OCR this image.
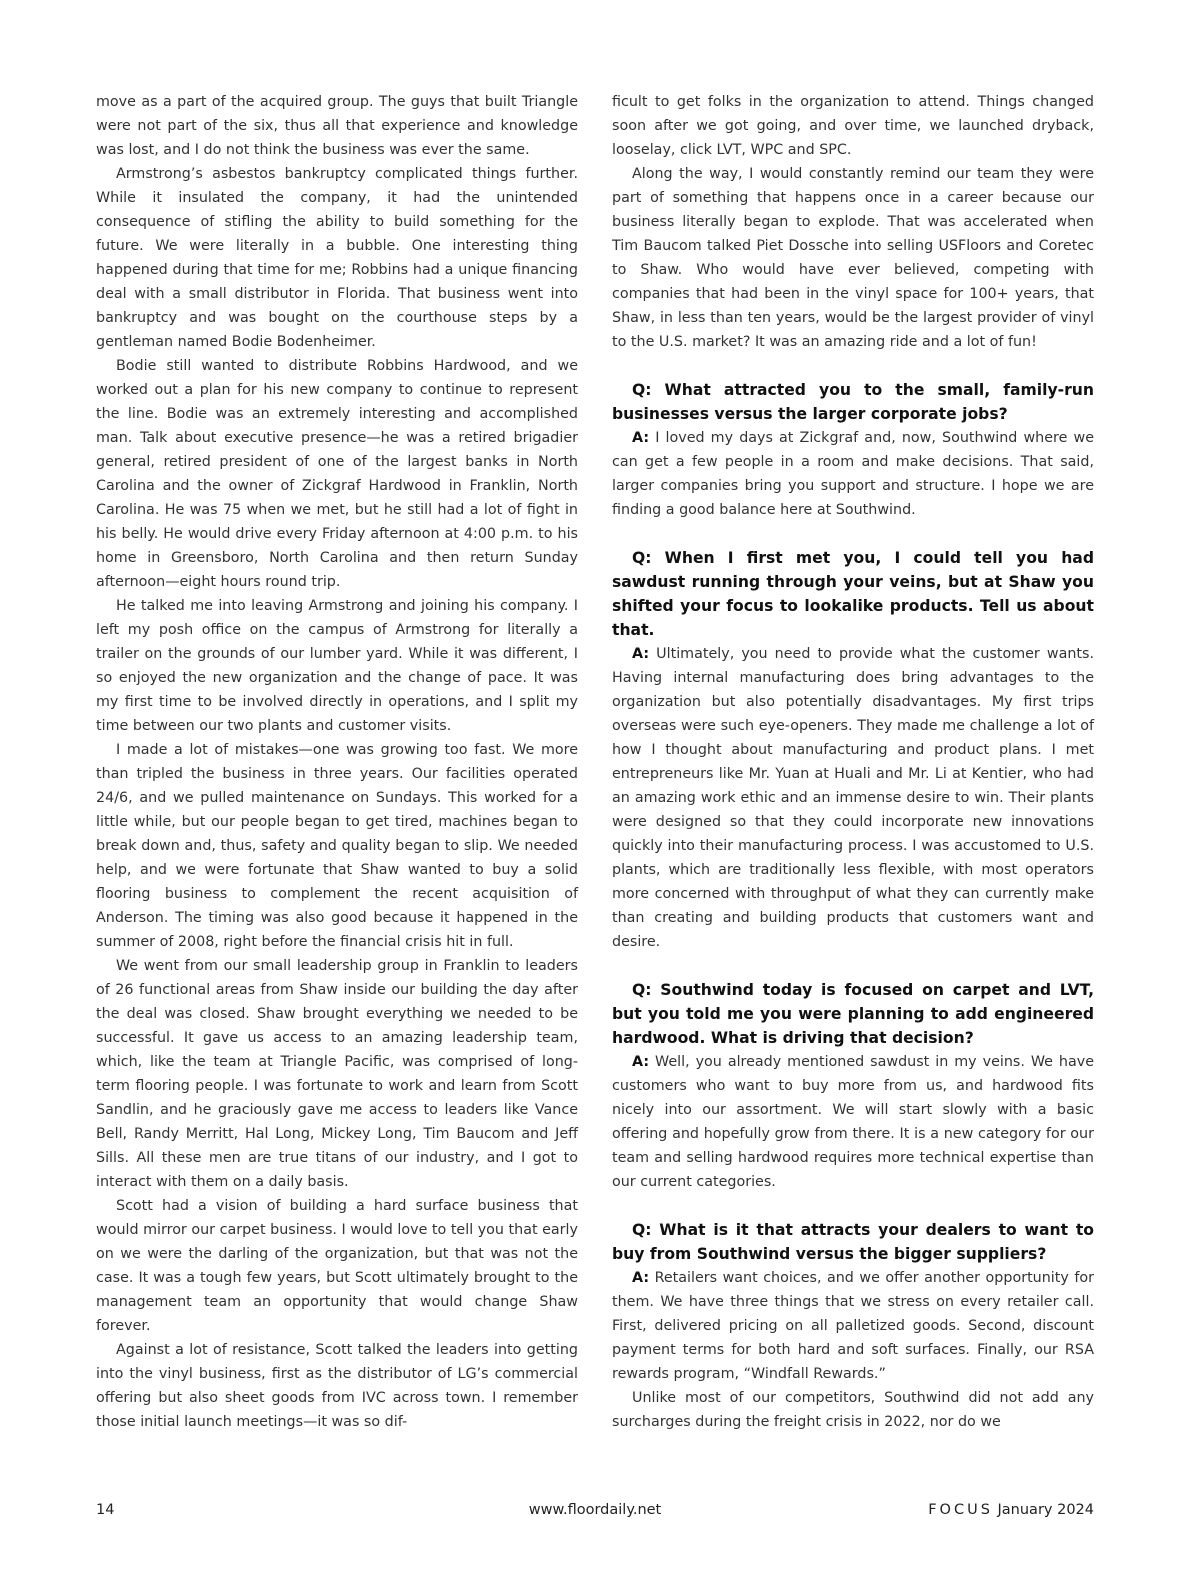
move as a part of the acquired group. The guys that built Triangle were not part of the six, thus all that experience and knowledge was lost, and I do not think the business was ever the same.

Armstrong’s asbestos bankruptcy complicated things further. While it insulated the company, it had the unintended consequence of stifling the ability to build something for the future. We were literally in a bubble. One interesting thing happened during that time for me; Robbins had a unique financing deal with a small distributor in Florida. That business went into bankruptcy and was bought on the courthouse steps by a gentleman named Bodie Bodenheimer.

Bodie still wanted to distribute Robbins Hardwood, and we worked out a plan for his new company to continue to represent the line. Bodie was an extremely interesting and accomplished man. Talk about executive presence—he was a retired brigadier general, retired president of one of the largest banks in North Carolina and the owner of Zickgraf Hardwood in Franklin, North Carolina. He was 75 when we met, but he still had a lot of fight in his belly. He would drive every Friday afternoon at 4:00 p.m. to his home in Greensboro, North Carolina and then return Sunday afternoon—eight hours round trip.

He talked me into leaving Armstrong and joining his company. I left my posh office on the campus of Armstrong for literally a trailer on the grounds of our lumber yard. While it was different, I so enjoyed the new organization and the change of pace. It was my first time to be involved directly in operations, and I split my time between our two plants and customer visits.

I made a lot of mistakes—one was growing too fast. We more than tripled the business in three years. Our facilities operated 24/6, and we pulled maintenance on Sundays. This worked for a little while, but our people began to get tired, machines began to break down and, thus, safety and quality began to slip. We needed help, and we were fortunate that Shaw wanted to buy a solid flooring business to complement the recent acquisition of Anderson. The timing was also good because it happened in the summer of 2008, right before the financial crisis hit in full.

We went from our small leadership group in Franklin to leaders of 26 functional areas from Shaw inside our building the day after the deal was closed. Shaw brought everything we needed to be successful. It gave us access to an amazing leadership team, which, like the team at Triangle Pacific, was comprised of long-term flooring people. I was fortunate to work and learn from Scott Sandlin, and he graciously gave me access to leaders like Vance Bell, Randy Merritt, Hal Long, Mickey Long, Tim Baucom and Jeff Sills. All these men are true titans of our industry, and I got to interact with them on a daily basis.

Scott had a vision of building a hard surface business that would mirror our carpet business. I would love to tell you that early on we were the darling of the organization, but that was not the case. It was a tough few years, but Scott ultimately brought to the management team an opportunity that would change Shaw forever.

Against a lot of resistance, Scott talked the leaders into getting into the vinyl business, first as the distributor of LG’s commercial offering but also sheet goods from IVC across town. I remember those initial launch meetings—it was so dif-

ficult to get folks in the organization to attend. Things changed soon after we got going, and over time, we launched dryback, looselay, click LVT, WPC and SPC.

Along the way, I would constantly remind our team they were part of something that happens once in a career because our business literally began to explode. That was accelerated when Tim Baucom talked Piet Dossche into selling USFloors and Coretec to Shaw. Who would have ever believed, competing with companies that had been in the vinyl space for 100+ years, that Shaw, in less than ten years, would be the largest provider of vinyl to the U.S. market? It was an amazing ride and a lot of fun!

Q: What attracted you to the small, family-run businesses versus the larger corporate jobs?

A: I loved my days at Zickgraf and, now, Southwind where we can get a few people in a room and make decisions. That said, larger companies bring you support and structure. I hope we are finding a good balance here at Southwind.

Q: When I first met you, I could tell you had sawdust running through your veins, but at Shaw you shifted your focus to lookalike products. Tell us about that.

A: Ultimately, you need to provide what the customer wants. Having internal manufacturing does bring advantages to the organization but also potentially disadvantages. My first trips overseas were such eye-openers. They made me challenge a lot of how I thought about manufacturing and product plans. I met entrepreneurs like Mr. Yuan at Huali and Mr. Li at Kentier, who had an amazing work ethic and an immense desire to win. Their plants were designed so that they could incorporate new innovations quickly into their manufacturing process. I was accustomed to U.S. plants, which are traditionally less flexible, with most operators more concerned with throughput of what they can currently make than creating and building products that customers want and desire.

Q: Southwind today is focused on carpet and LVT, but you told me you were planning to add engineered hardwood. What is driving that decision?

A: Well, you already mentioned sawdust in my veins. We have customers who want to buy more from us, and hardwood fits nicely into our assortment. We will start slowly with a basic offering and hopefully grow from there. It is a new category for our team and selling hardwood requires more technical expertise than our current categories.

Q: What is it that attracts your dealers to want to buy from Southwind versus the bigger suppliers?

A: Retailers want choices, and we offer another opportunity for them. We have three things that we stress on every retailer call. First, delivered pricing on all palletized goods. Second, discount payment terms for both hard and soft surfaces. Finally, our RSA rewards program, “Windfall Rewards.”

Unlike most of our competitors, Southwind did not add any surcharges during the freight crisis in 2022, nor do we

14	www.floordaily.net	FOCUS January 2024
